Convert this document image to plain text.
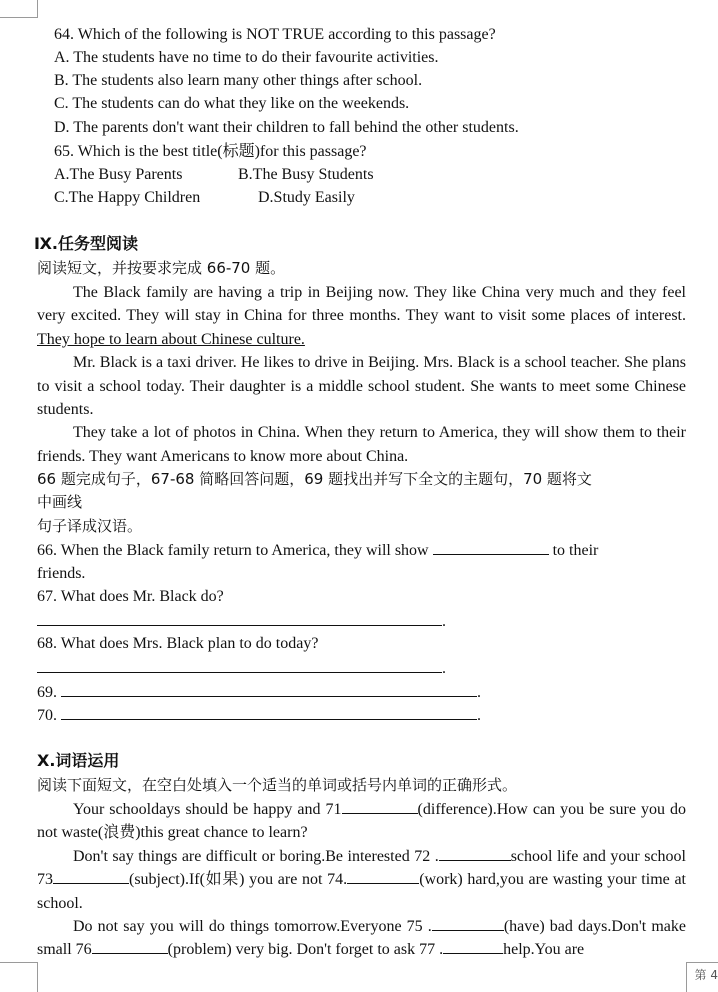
64. Which of the following is NOT TRUE according to this passage?
A. The students have no time to do their favourite activities.
B. The students also learn many other things after school.
C. The students can do what they like on the weekends.
D. The parents don't want their children to fall behind the other students.
65. Which is the best title(标题)for this passage?
A.The Busy Parents	B.The Busy Students
C.The Happy Children	D.Study Easily
Ⅸ.任务型阅读
阅读短文，并按要求完成 66-70 题。

The Black family are having a trip in Beijing now. They like China very much and they feel very excited. They will stay in China for three months. They want to visit some places of interest. They hope to learn about Chinese culture.

Mr. Black is a taxi driver. He likes to drive in Beijing. Mrs. Black is a school teacher. She plans to visit a school today. Their daughter is a middle school student. She wants to meet some Chinese students.

They take a lot of photos in China. When they return to America, they will show them to their friends. They want Americans to know more about China.

66 题完成句子，67-68 简略回答问题，69 题找出并写下全文的主题句，70 题将文
中画线
句子译成汉语。
66. When the Black family return to America, they will show	to their
friends.
67. What does Mr. Black do?
.
68. What does Mrs. Black plan to do today?
.
69.	.
70.	.
Ⅹ.词语运用
阅读下面短文，在空白处填入一个适当的单词或括号内单词的正确形式。

Your schooldays should be happy and 71	(difference).How can you be sure you do not waste(浪费)this great chance to learn?

Don't say things are difficult or boring.Be interested 72 .	school life and your school 73	(subject).If(如果) you are not 74.	(work) hard,you are wasting your time at school.

Do not say you will do things tomorrow.Everyone 75 .	(have) bad days.Don't make small 76	(problem) very big. Don't forget to ask 77 .	help.You are

第 4
